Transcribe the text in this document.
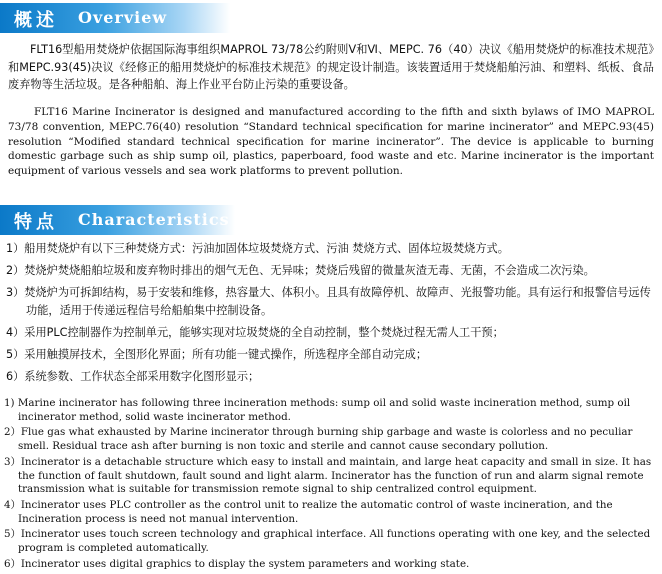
概述 Overview

FLT16型船用焚烧炉依据国际海事组织MAPROL 73/78公约附则Ⅴ和Ⅵ、MEPC. 76（40）决议《船用焚烧炉的标准技术规范》和MEPC.93(45)决议《经修正的船用焚烧炉的标准技术规范》的规定设计制造。该装置适用于焚烧船舶污油、和塑料、纸板、食品废弃物等生活垃圾。是各种船舶、海上作业平台防止污染的重要设备。

FLT16 Marine Incinerator is designed and manufactured according to the fifth and sixth bylaws of IMO MAPROL 73/78 convention, MEPC.76(40) resolution “Standard technical specification for marine incinerator” and MEPC.93(45) resolution “Modified standard technical specification for marine incinerator”. The device is applicable to burning domestic garbage such as ship sump oil, plastics, paperboard, food waste and etc. Marine incinerator is the important equipment of various vessels and sea work platforms to prevent pollution.

特点 Characteristics
1）船用焚烧炉有以下三种焚烧方式：污油加固体垃圾焚烧方式、污油 焚烧方式、固体垃圾焚烧方式。
2）焚烧炉焚烧船舶垃圾和废弃物时排出的烟气无色、无异味；焚烧后残留的微量灰渣无毒、无菌，不会造成二次污染。
3）焚烧炉为可拆卸结构，易于安装和维修，热容量大、体积小。且具有故障停机、故障声、光报警功能。具有运行和报警信号远传功能，适用于传递远程信号给船舶集中控制设备。
4）采用PLC控制器作为控制单元，能够实现对垃圾焚烧的全自动控制，整个焚烧过程无需人工干预；
5）采用触摸屏技术，全图形化界面；所有功能一键式操作，所选程序全部自动完成；
6）系统参数、工作状态全部采用数字化图形显示；
1) Marine incinerator has following three incineration methods: sump oil and solid waste incineration method, sump oil incinerator method, solid waste incinerator method.
2）Flue gas what exhausted by Marine incinerator through burning ship garbage and waste is colorless and no peculiar smell. Residual trace ash after burning is non toxic and sterile and cannot cause secondary pollution.
3）Incinerator is a detachable structure which easy to install and maintain, and large heat capacity and small in size. It has the function of fault shutdown, fault sound and light alarm. Incinerator has the function of run and alarm signal remote transmission what is suitable for transmission remote signal to ship centralized control equipment.
4）Incinerator uses PLC controller as the control unit to realize the automatic control of waste incineration, and the Incineration process is need not manual intervention.
5）Incinerator uses touch screen technology and graphical interface. All functions operating with one key, and the selected program is completed automatically.
6）Incinerator uses digital graphics to display the system parameters and working state.
